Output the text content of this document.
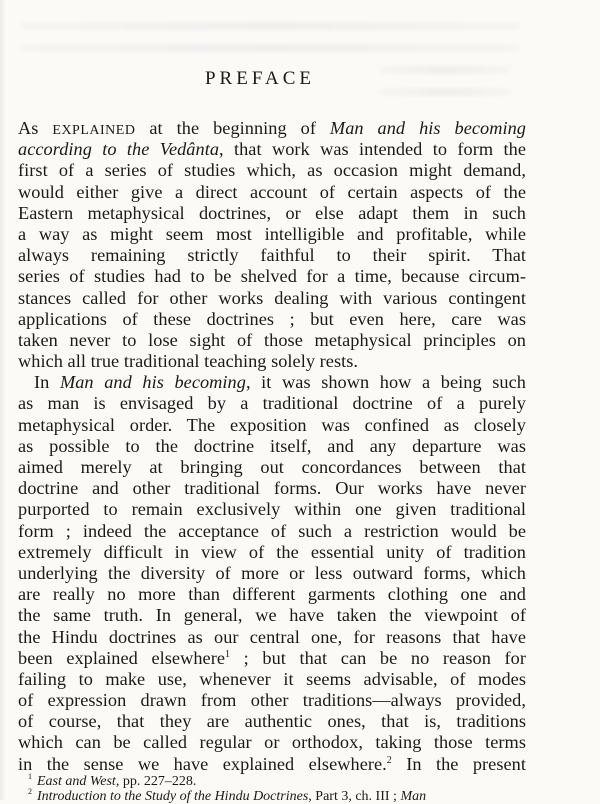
PREFACE
As EXPLAINED at the beginning of Man and his becoming
according to the Vedânta, that work was intended to form the
first of a series of studies which, as occasion might demand,
would either give a direct account of certain aspects of the
Eastern metaphysical doctrines, or else adapt them in such
a way as might seem most intelligible and profitable, while
always remaining strictly faithful to their spirit. That
series of studies had to be shelved for a time, because circum-
stances called for other works dealing with various contingent
applications of these doctrines ; but even here, care was
taken never to lose sight of those metaphysical principles on
which all true traditional teaching solely rests.
In Man and his becoming, it was shown how a being such
as man is envisaged by a traditional doctrine of a purely
metaphysical order. The exposition was confined as closely
as possible to the doctrine itself, and any departure was
aimed merely at bringing out concordances between that
doctrine and other traditional forms. Our works have never
purported to remain exclusively within one given traditional
form ; indeed the acceptance of such a restriction would be
extremely difficult in view of the essential unity of tradition
underlying the diversity of more or less outward forms, which
are really no more than different garments clothing one and
the same truth. In general, we have taken the viewpoint of
the Hindu doctrines as our central one, for reasons that have
been explained elsewhere$^1$ ; but that can be no reason for
failing to make use, whenever it seems advisable, of modes
of expression drawn from other traditions—always provided,
of course, that they are authentic ones, that is, traditions
which can be called regular or orthodox, taking those terms
in the sense we have explained elsewhere.$^2$ In the present
$^1$ East and West, pp. 227–228.
$^2$ Introduction to the Study of the Hindu Doctrines, Part 3, ch. III ; Man
